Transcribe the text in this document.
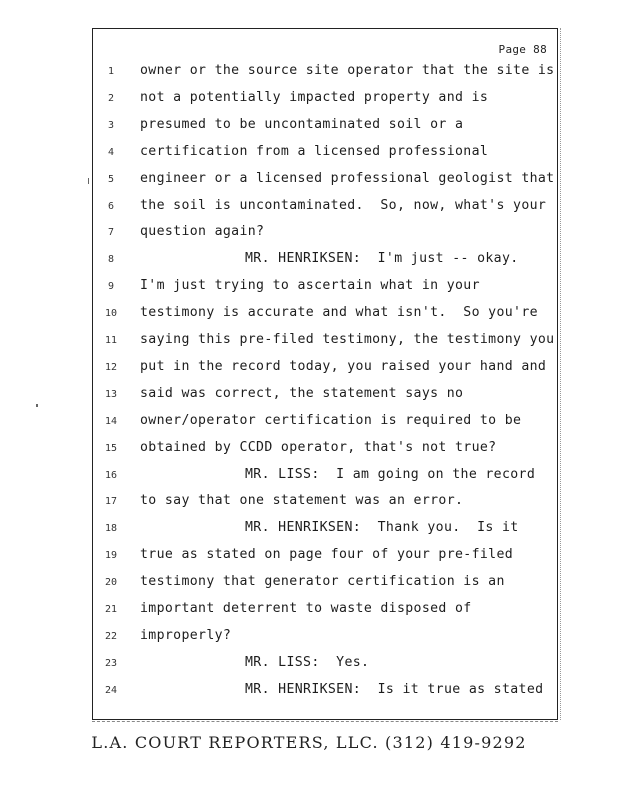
Page 88
1	owner or the source site operator that the site is
2	not a potentially impacted property and is
3	presumed to be uncontaminated soil or a
4	certification from a licensed professional
5	engineer or a licensed professional geologist that
6	the soil is uncontaminated.  So, now, what's your
7	question again?
8	MR. HENRIKSEN:  I'm just -- okay.
9	I'm just trying to ascertain what in your
10	testimony is accurate and what isn't.  So you're
11	saying this pre-filed testimony, the testimony you
12	put in the record today, you raised your hand and
13	said was correct, the statement says no
14	owner/operator certification is required to be
15	obtained by CCDD operator, that's not true?
16	MR. LISS:  I am going on the record
17	to say that one statement was an error.
18	MR. HENRIKSEN:  Thank you.  Is it
19	true as stated on page four of your pre-filed
20	testimony that generator certification is an
21	important deterrent to waste disposed of
22	improperly?
23	MR. LISS:  Yes.
24	MR. HENRIKSEN:  Is it true as stated
L.A. COURT REPORTERS, LLC. (312) 419-9292
